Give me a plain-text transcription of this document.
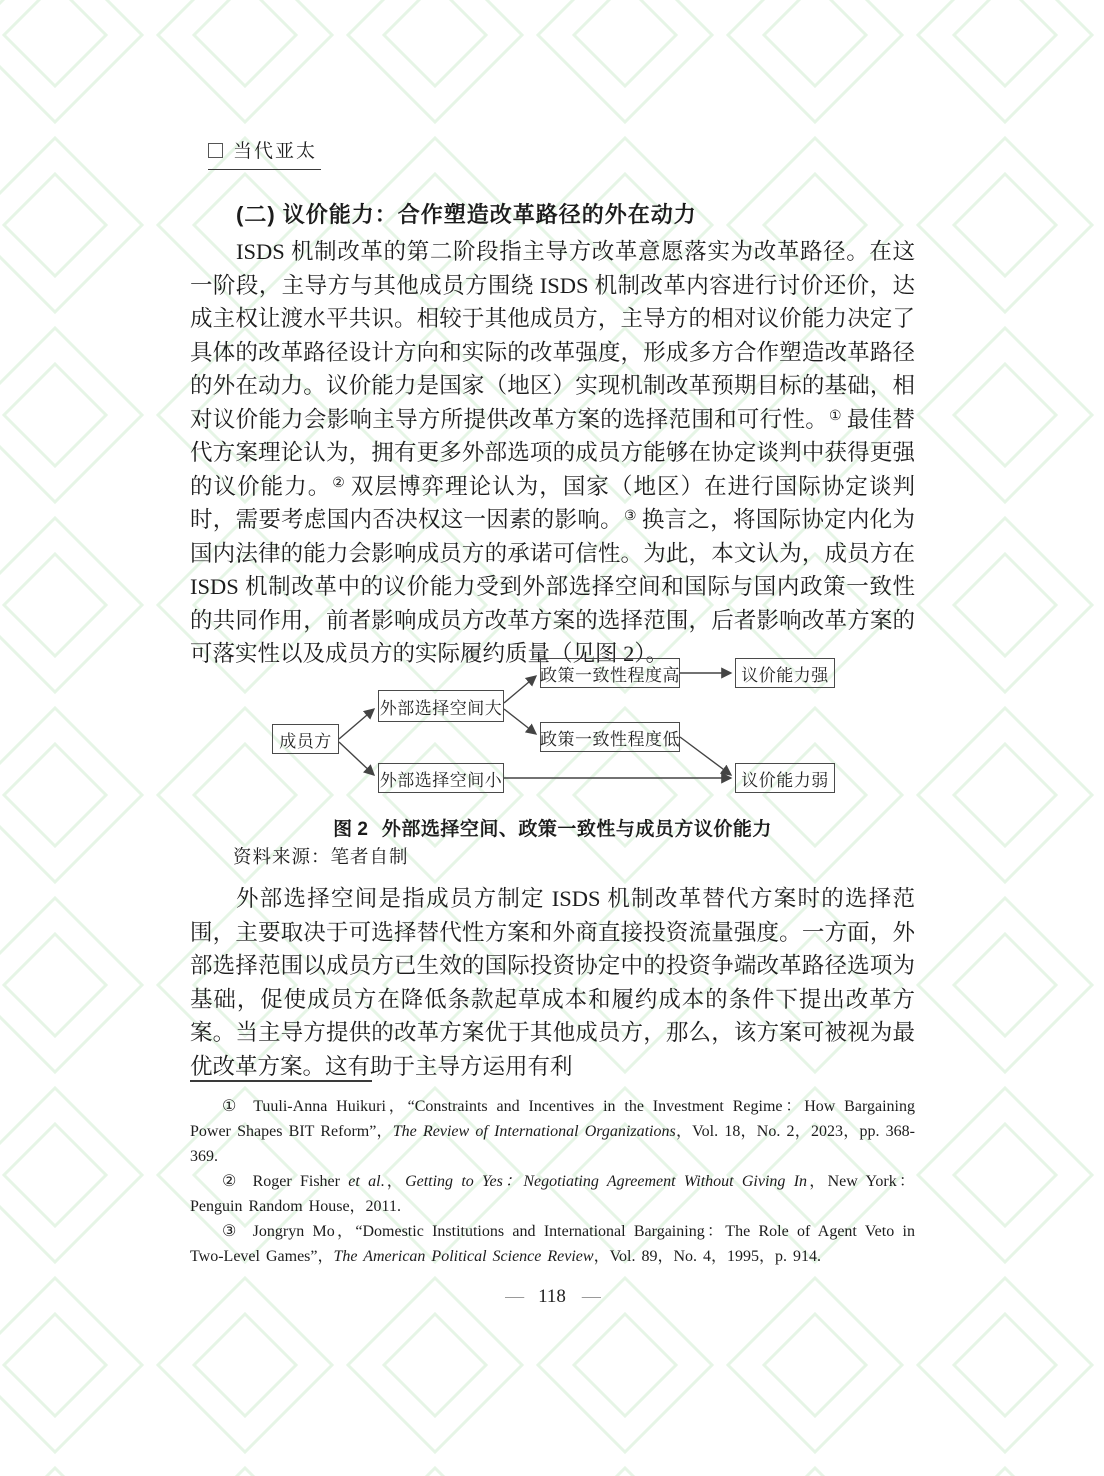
当代亚太
(二) 议价能力：合作塑造改革路径的外在动力

ISDS 机制改革的第二阶段指主导方改革意愿落实为改革路径。在这一阶段，主导方与其他成员方围绕 ISDS 机制改革内容进行讨价还价，达成主权让渡水平共识。相较于其他成员方，主导方的相对议价能力决定了具体的改革路径设计方向和实际的改革强度，形成多方合作塑造改革路径的外在动力。议价能力是国家（地区）实现机制改革预期目标的基础，相对议价能力会影响主导方所提供改革方案的选择范围和可行性。① 最佳替代方案理论认为，拥有更多外部选项的成员方能够在协定谈判中获得更强的议价能力。② 双层博弈理论认为，国家（地区）在进行国际协定谈判时，需要考虑国内否决权这一因素的影响。③ 换言之，将国际协定内化为国内法律的能力会影响成员方的承诺可信性。为此，本文认为，成员方在 ISDS 机制改革中的议价能力受到外部选择空间和国际与国内政策一致性的共同作用，前者影响成员方改革方案的选择范围，后者影响改革方案的可落实性以及成员方的实际履约质量（见图 2）。

成员方
外部选择空间大
外部选择空间小
政策一致性程度高
政策一致性程度低
议价能力强
议价能力弱
图 2 外部选择空间、政策一致性与成员方议价能力
资料来源：笔者自制

外部选择空间是指成员方制定 ISDS 机制改革替代方案时的选择范围，主要取决于可选择替代性方案和外商直接投资流量强度。一方面，外部选择范围以成员方已生效的国际投资协定中的投资争端改革路径选项为基础，促使成员方在降低条款起草成本和履约成本的条件下提出改革方案。当主导方提供的改革方案优于其他成员方，那么，该方案可被视为最优改革方案。这有助于主导方运用有利

① Tuuli-Anna Huikuri，“Constraints and Incentives in the Investment Regime：How Bargaining Power Shapes BIT Reform”，The Review of International Organizations，Vol. 18，No. 2，2023，pp. 368-369.

② Roger Fisher et al.，Getting to Yes：Negotiating Agreement Without Giving In，New York：Penguin Random House，2011.

③ Jongryn Mo，“Domestic Institutions and International Bargaining：The Role of Agent Veto in Two-Level Games”，The American Political Science Review，Vol. 89，No. 4，1995，p. 914.

— 118 —
